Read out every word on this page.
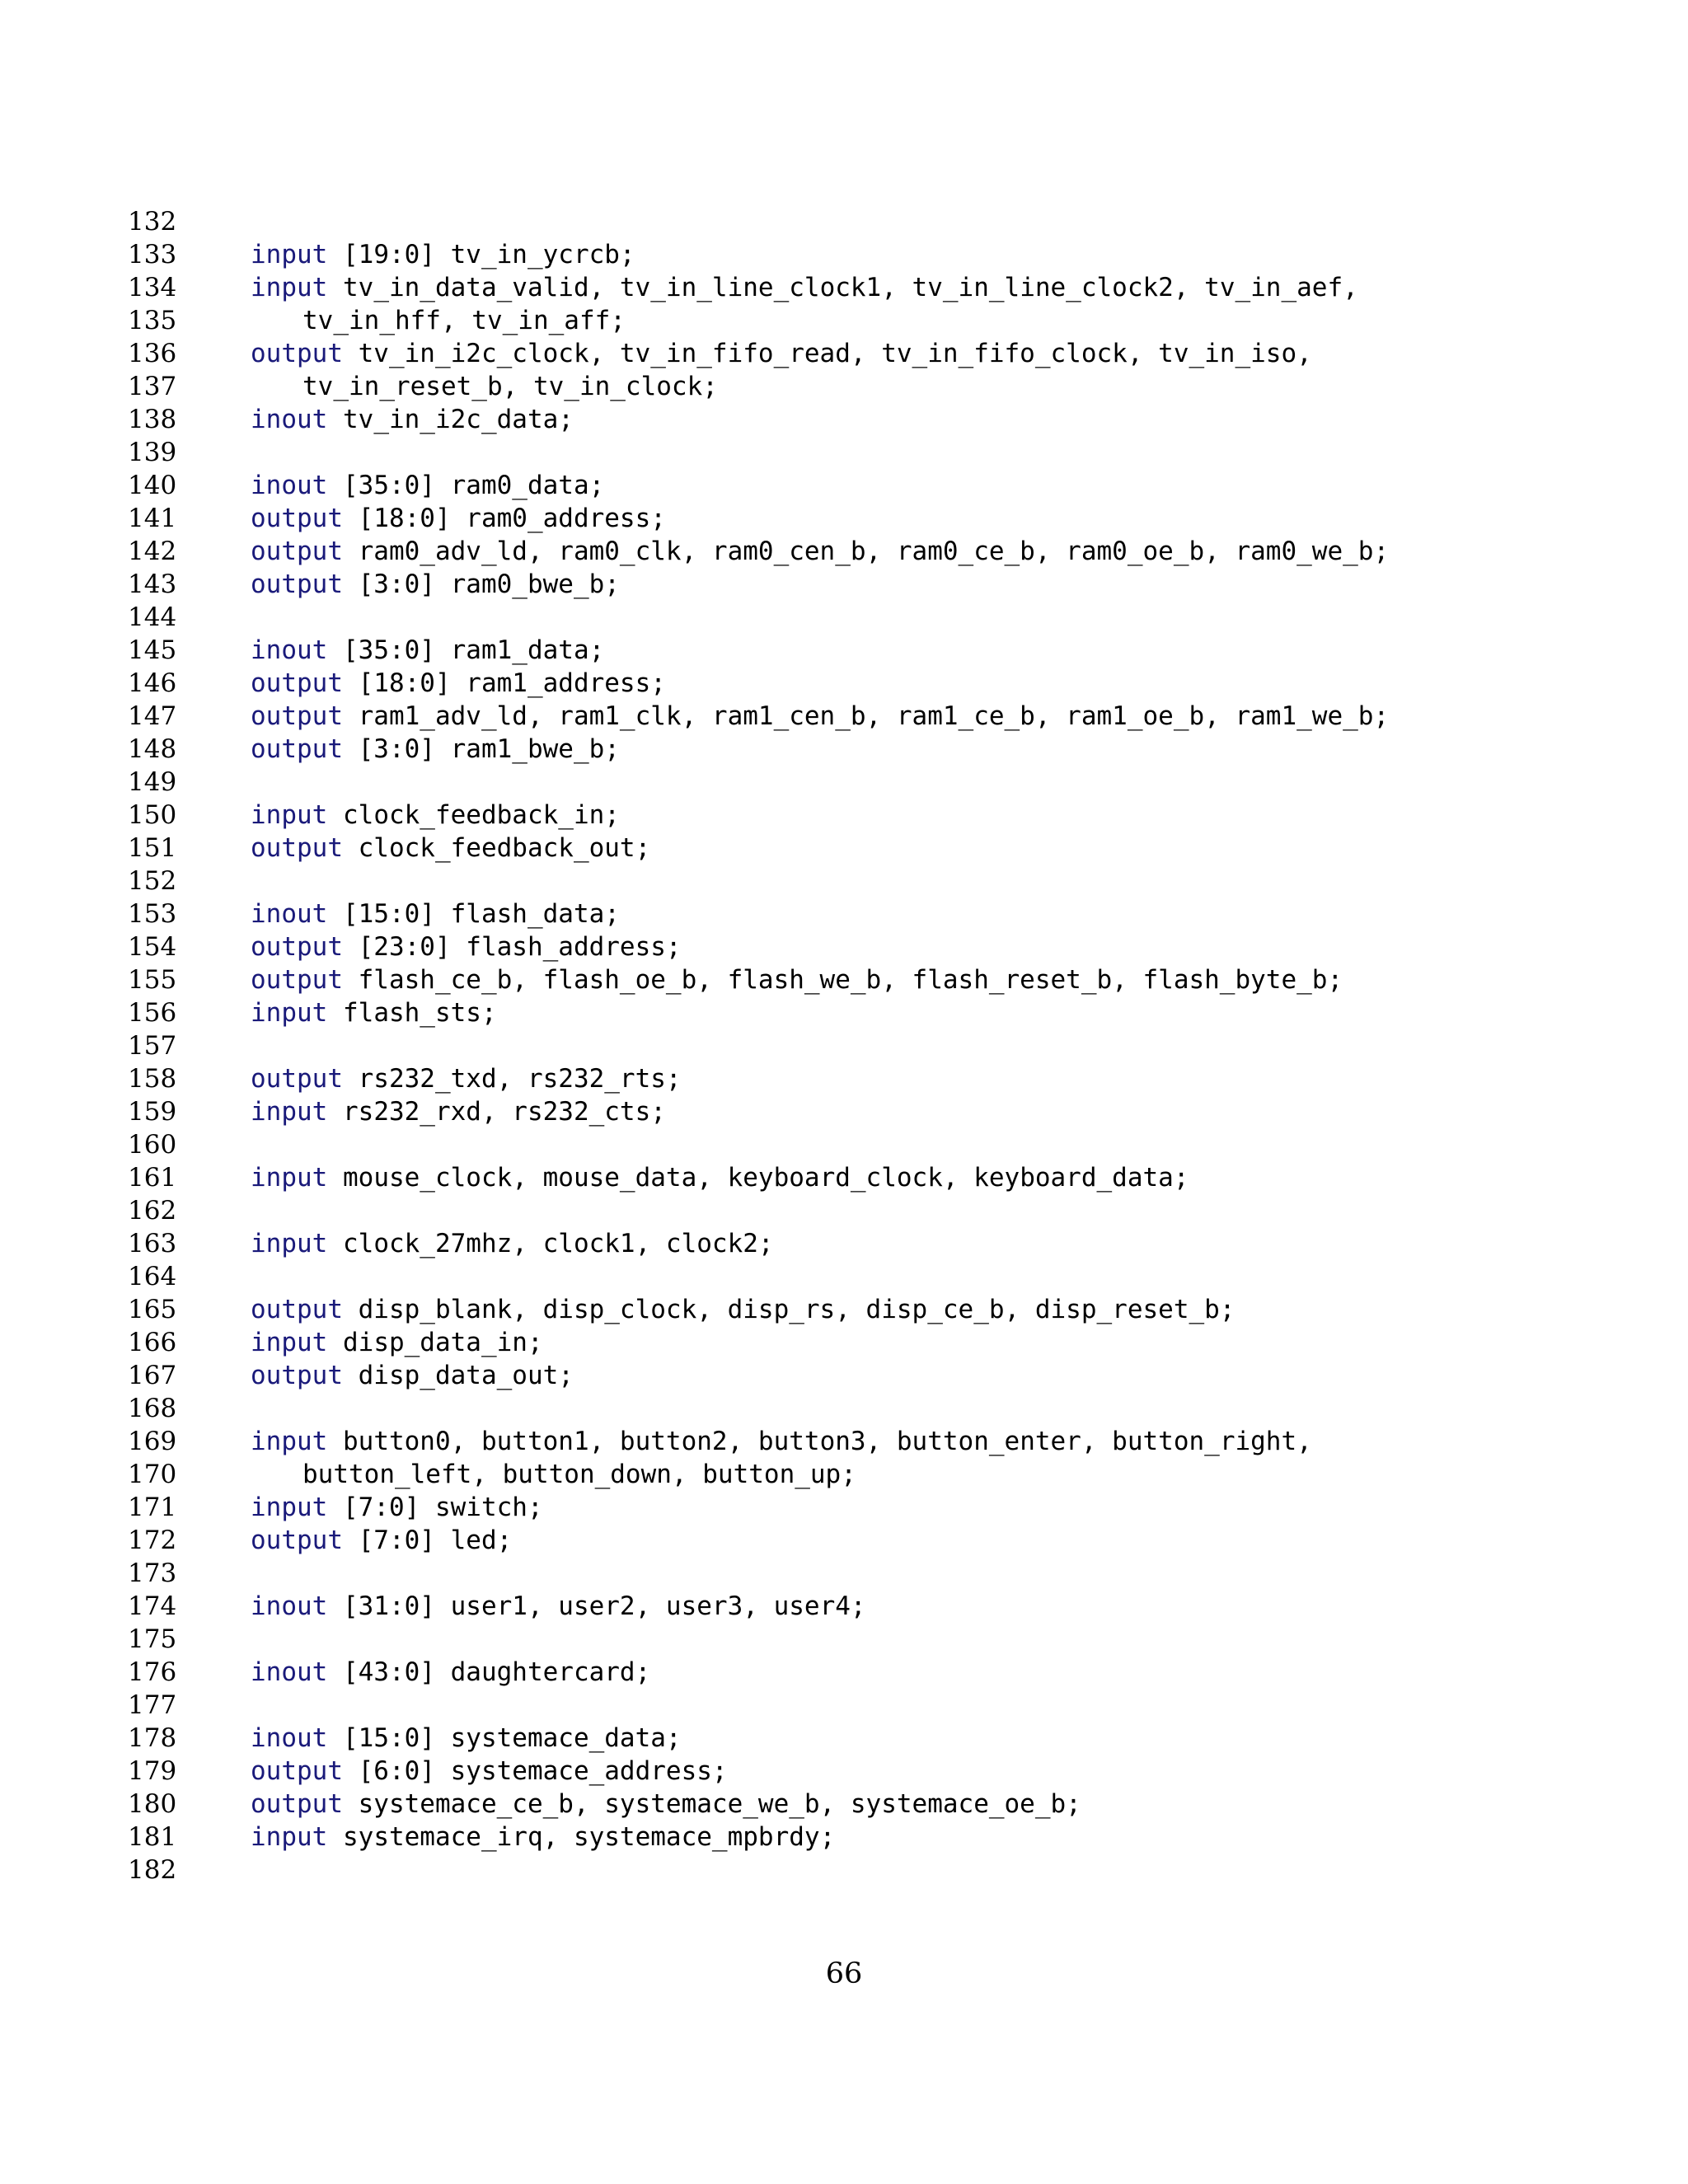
132
133	input [19:0] tv_in_ycrcb;
134	input tv_in_data_valid, tv_in_line_clock1, tv_in_line_clock2, tv_in_aef,
135	tv_in_hff, tv_in_aff;
136	output tv_in_i2c_clock, tv_in_fifo_read, tv_in_fifo_clock, tv_in_iso,
137	tv_in_reset_b, tv_in_clock;
138	inout tv_in_i2c_data;
139
140	inout [35:0] ram0_data;
141	output [18:0] ram0_address;
142	output ram0_adv_ld, ram0_clk, ram0_cen_b, ram0_ce_b, ram0_oe_b, ram0_we_b;
143	output [3:0] ram0_bwe_b;
144
145	inout [35:0] ram1_data;
146	output [18:0] ram1_address;
147	output ram1_adv_ld, ram1_clk, ram1_cen_b, ram1_ce_b, ram1_oe_b, ram1_we_b;
148	output [3:0] ram1_bwe_b;
149
150	input clock_feedback_in;
151	output clock_feedback_out;
152
153	inout [15:0] flash_data;
154	output [23:0] flash_address;
155	output flash_ce_b, flash_oe_b, flash_we_b, flash_reset_b, flash_byte_b;
156	input flash_sts;
157
158	output rs232_txd, rs232_rts;
159	input rs232_rxd, rs232_cts;
160
161	input mouse_clock, mouse_data, keyboard_clock, keyboard_data;
162
163	input clock_27mhz, clock1, clock2;
164
165	output disp_blank, disp_clock, disp_rs, disp_ce_b, disp_reset_b;
166	input disp_data_in;
167	output disp_data_out;
168
169	input button0, button1, button2, button3, button_enter, button_right,
170	button_left, button_down, button_up;
171	input [7:0] switch;
172	output [7:0] led;
173
174	inout [31:0] user1, user2, user3, user4;
175
176	inout [43:0] daughtercard;
177
178	inout [15:0] systemace_data;
179	output [6:0] systemace_address;
180	output systemace_ce_b, systemace_we_b, systemace_oe_b;
181	input systemace_irq, systemace_mpbrdy;
182
66
